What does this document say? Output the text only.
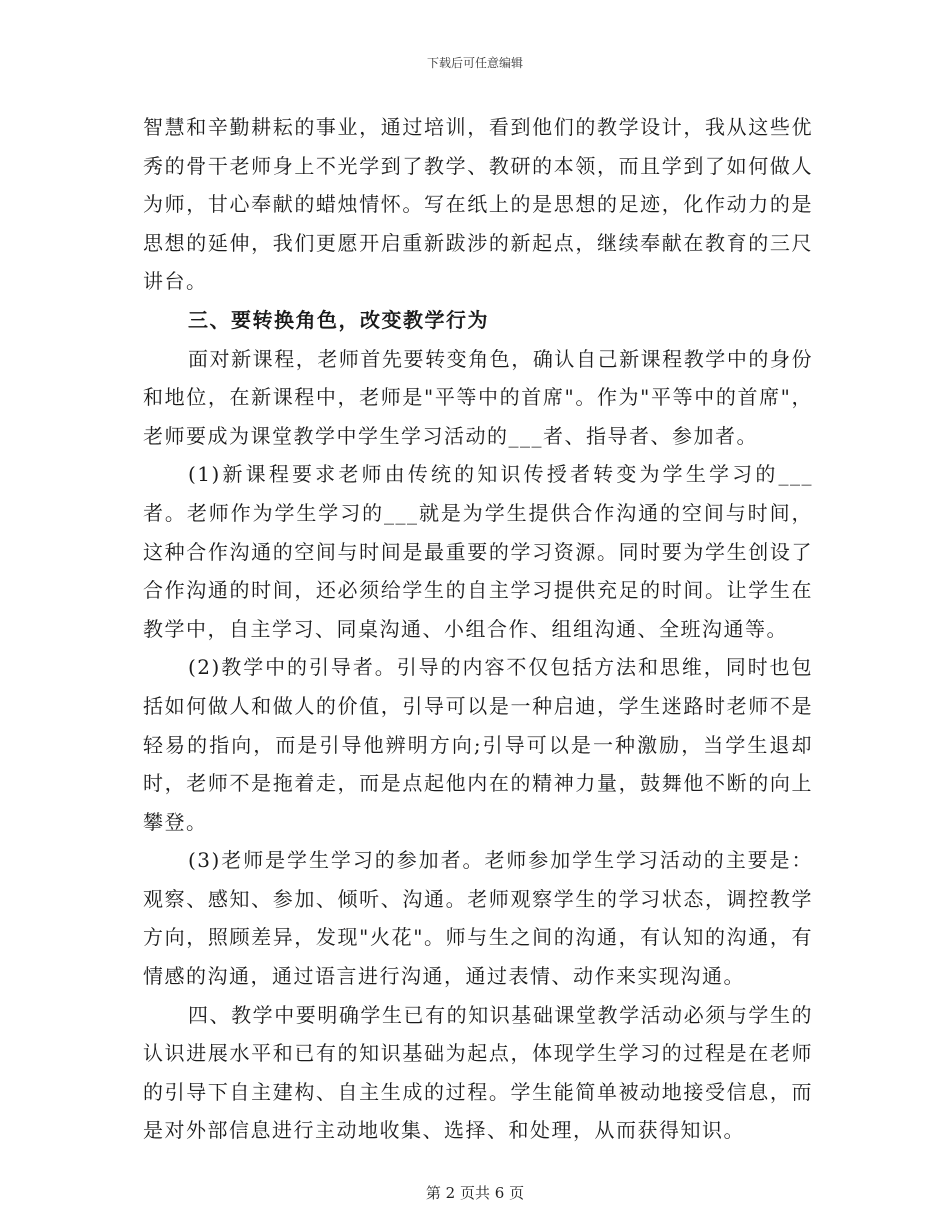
下载后可任意编辑

智慧和辛勤耕耘的事业，通过培训，看到他们的教学设计，我从这些优秀的骨干老师身上不光学到了教学、教研的本领，而且学到了如何做人为师，甘心奉献的蜡烛情怀。写在纸上的是思想的足迹，化作动力的是思想的延伸，我们更愿开启重新跋涉的新起点，继续奉献在教育的三尺讲台。

三、要转换角色，改变教学行为

面对新课程，老师首先要转变角色，确认自己新课程教学中的身份和地位，在新课程中，老师是"平等中的首席"。作为"平等中的首席"，老师要成为课堂教学中学生学习活动的___者、指导者、参加者。

(1)新课程要求老师由传统的知识传授者转变为学生学习的___者。老师作为学生学习的___就是为学生提供合作沟通的空间与时间，这种合作沟通的空间与时间是最重要的学习资源。同时要为学生创设了合作沟通的时间，还必须给学生的自主学习提供充足的时间。让学生在教学中，自主学习、同桌沟通、小组合作、组组沟通、全班沟通等。

(2)教学中的引导者。引导的内容不仅包括方法和思维，同时也包括如何做人和做人的价值，引导可以是一种启迪，学生迷路时老师不是轻易的指向，而是引导他辨明方向;引导可以是一种激励，当学生退却时，老师不是拖着走，而是点起他内在的精神力量，鼓舞他不断的向上攀登。

(3)老师是学生学习的参加者。老师参加学生学习活动的主要是：观察、感知、参加、倾听、沟通。老师观察学生的学习状态，调控教学方向，照顾差异，发现"火花"。师与生之间的沟通，有认知的沟通，有情感的沟通，通过语言进行沟通，通过表情、动作来实现沟通。

四、教学中要明确学生已有的知识基础课堂教学活动必须与学生的认识进展水平和已有的知识基础为起点，体现学生学习的过程是在老师的引导下自主建构、自主生成的过程。学生能简单被动地接受信息，而是对外部信息进行主动地收集、选择、和处理，从而获得知识。

第 2 页共 6 页
